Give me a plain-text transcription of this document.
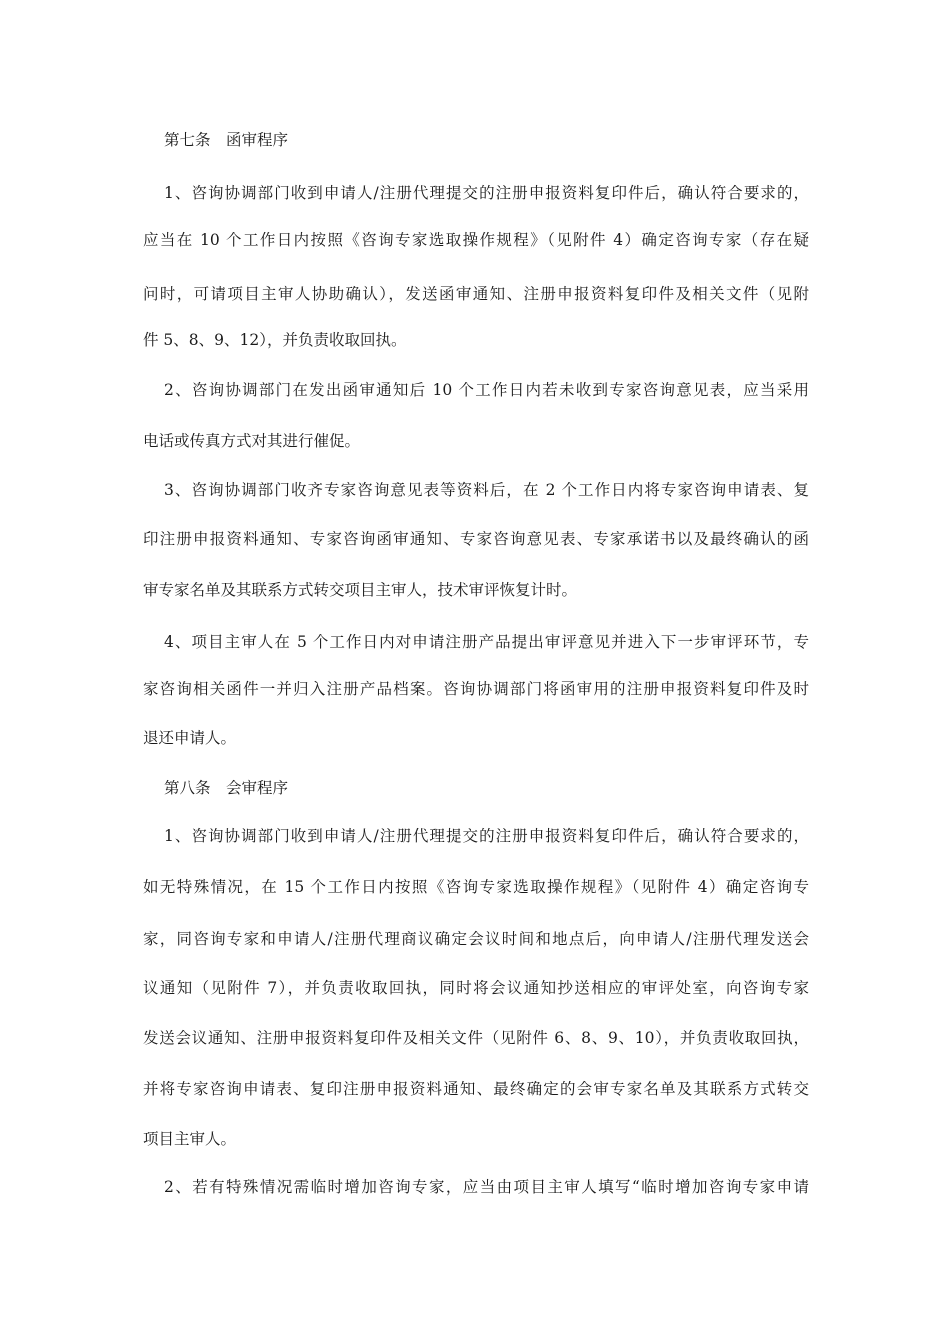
第七条　函审程序
1、咨询协调部门收到申请人/注册代理提交的注册申报资料复印件后，确认符合要求的，
应当在 10 个工作日内按照《咨询专家选取操作规程》（见附件 4）确定咨询专家（存在疑
问时，可请项目主审人协助确认），发送函审通知、注册申报资料复印件及相关文件（见附
件 5、8、9、12），并负责收取回执。
2、咨询协调部门在发出函审通知后 10 个工作日内若未收到专家咨询意见表，应当采用
电话或传真方式对其进行催促。
3、咨询协调部门收齐专家咨询意见表等资料后，在 2 个工作日内将专家咨询申请表、复
印注册申报资料通知、专家咨询函审通知、专家咨询意见表、专家承诺书以及最终确认的函
审专家名单及其联系方式转交项目主审人，技术审评恢复计时。
4、项目主审人在 5 个工作日内对申请注册产品提出审评意见并进入下一步审评环节，专
家咨询相关函件一并归入注册产品档案。咨询协调部门将函审用的注册申报资料复印件及时
退还申请人。
第八条　会审程序
1、咨询协调部门收到申请人/注册代理提交的注册申报资料复印件后，确认符合要求的，
如无特殊情况，在 15 个工作日内按照《咨询专家选取操作规程》（见附件 4）确定咨询专
家，同咨询专家和申请人/注册代理商议确定会议时间和地点后，向申请人/注册代理发送会
议通知（见附件 7），并负责收取回执，同时将会议通知抄送相应的审评处室，向咨询专家
发送会议通知、注册申报资料复印件及相关文件（见附件 6、8、9、10），并负责收取回执，
并将专家咨询申请表、复印注册申报资料通知、最终确定的会审专家名单及其联系方式转交
项目主审人。
2、若有特殊情况需临时增加咨询专家，应当由项目主审人填写“临时增加咨询专家申请
